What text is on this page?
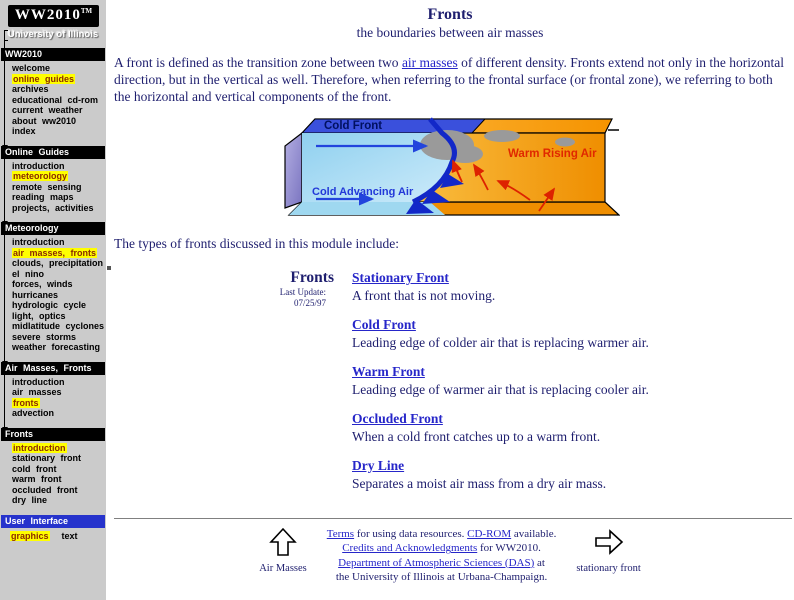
WW2010™
University of Illinois
WW2010
welcome
online guides
archives
educational cd-rom
current weather
about ww2010
index
Online Guides
introduction
meteorology
remote sensing
reading maps
projects, activities
Meteorology
introduction
air masses, fronts
clouds, precipitation
el nino
forces, winds
hurricanes
hydrologic cycle
light, optics
midlatitude cyclones
severe storms
weather forecasting
Air Masses, Fronts
introduction
air masses
fronts
advection
Fronts
introduction
stationary front
cold front
warm front
occluded front
dry line
User Interface
graphics text
Fronts
the boundaries between air masses
A front is defined as the transition zone between two air masses of different density. Fronts extend not only in the horizontal direction, but in the vertical as well. Therefore, when referring to the frontal surface (or frontal zone), we referring to both the horizontal and vertical components of the front.
Cold Front
Warm Rising Air
Cold Advancing Air
The types of fronts discussed in this module include:
Fronts
Last Update:
07/25/97
Stationary Front
A front that is not moving.
Cold Front
Leading edge of colder air that is replacing warmer air.
Warm Front
Leading edge of warmer air that is replacing cooler air.
Occluded Front
When a cold front catches up to a warm front.
Dry Line
Separates a moist air mass from a dry air mass.
Air Masses
Terms for using data resources. CD-ROM available.
Credits and Acknowledgments for WW2010.
Department of Atmospheric Sciences (DAS) at
the University of Illinois at Urbana-Champaign.
stationary front
